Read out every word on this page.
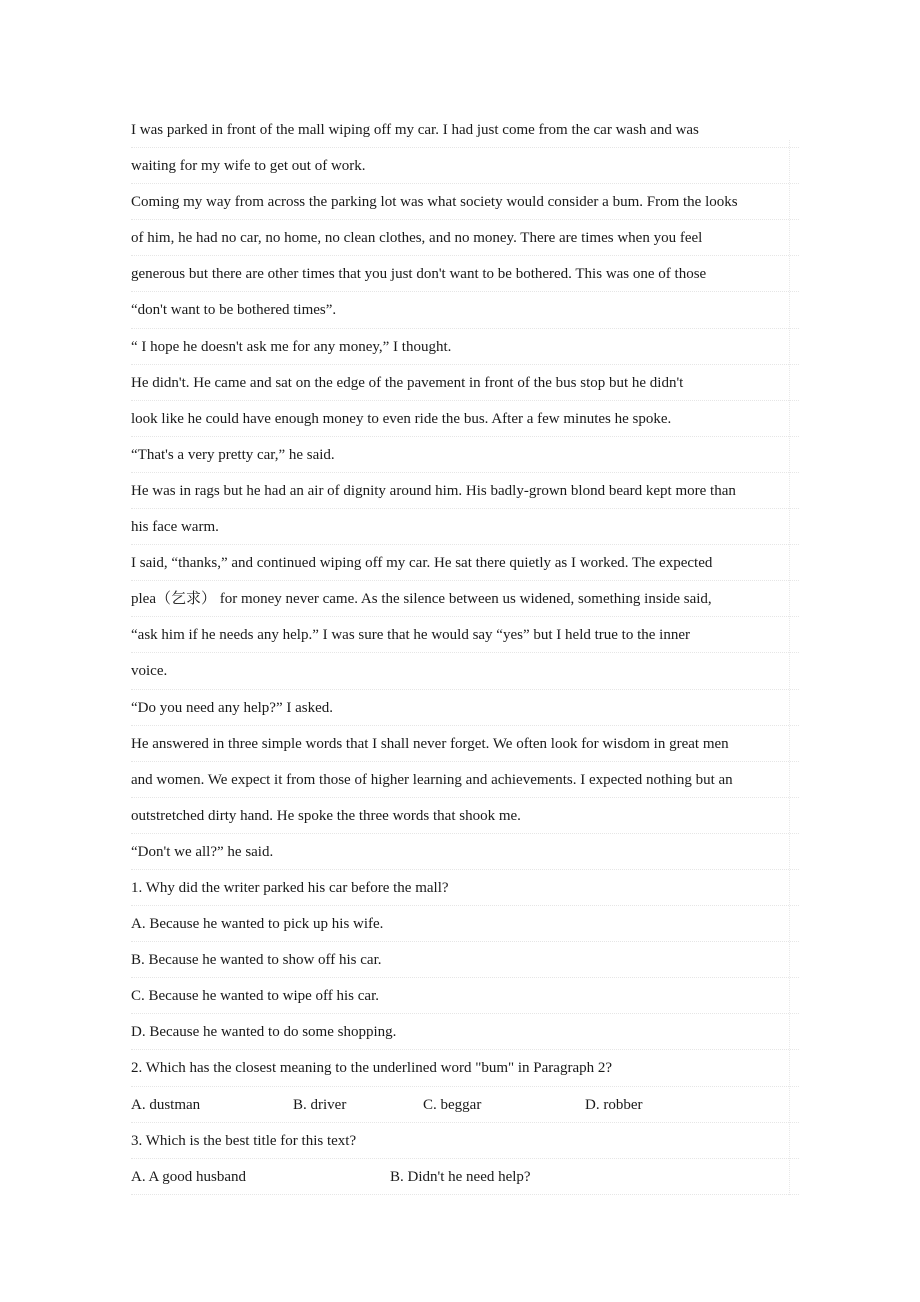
I was parked in front of the mall wiping off my car. I had just come from the car wash and was
waiting for my wife to get out of work.
Coming my way from across the parking lot was what society would consider a bum. From the looks
of him, he had no car, no home, no clean clothes, and no money. There are times when you feel
generous but there are other times that you just don't want to be bothered. This was one of those
“don't want to be bothered times”.
“ I hope he doesn't ask me for any money,” I thought.
He didn't. He came and sat on the edge of the pavement in front of the bus stop but he didn't
look like he could have enough money to even ride the bus. After a few minutes he spoke.
“That's a very pretty car,” he said.
He was in rags but he had an air of dignity around him. His badly-grown blond beard kept more than
his face warm.
I said, “thanks,” and continued wiping off my car. He sat there quietly as I worked. The expected
plea（乞求） for money never came. As the silence between us widened, something inside said,
“ask him if he needs any help.” I was sure that he would say “yes” but I held true to the inner
voice.
“Do you need any help?” I asked.
He answered in three simple words that I shall never forget. We often look for wisdom in great men
and women. We expect it from those of higher learning and achievements. I expected nothing but an
outstretched dirty hand. He spoke the three words that shook me.
“Don't we all?” he said.
1. Why did the writer parked his car before the mall?
A. Because he wanted to pick up his wife.
B. Because he wanted to show off his car.
C. Because he wanted to wipe off his car.
D. Because he wanted to do some shopping.
2. Which has the closest meaning to the underlined word "bum" in Paragraph 2?
A. dustman	B. driver	C. beggar	D. robber
3. Which is the best title for this text?
A. A good husband	B. Didn't he need help?
